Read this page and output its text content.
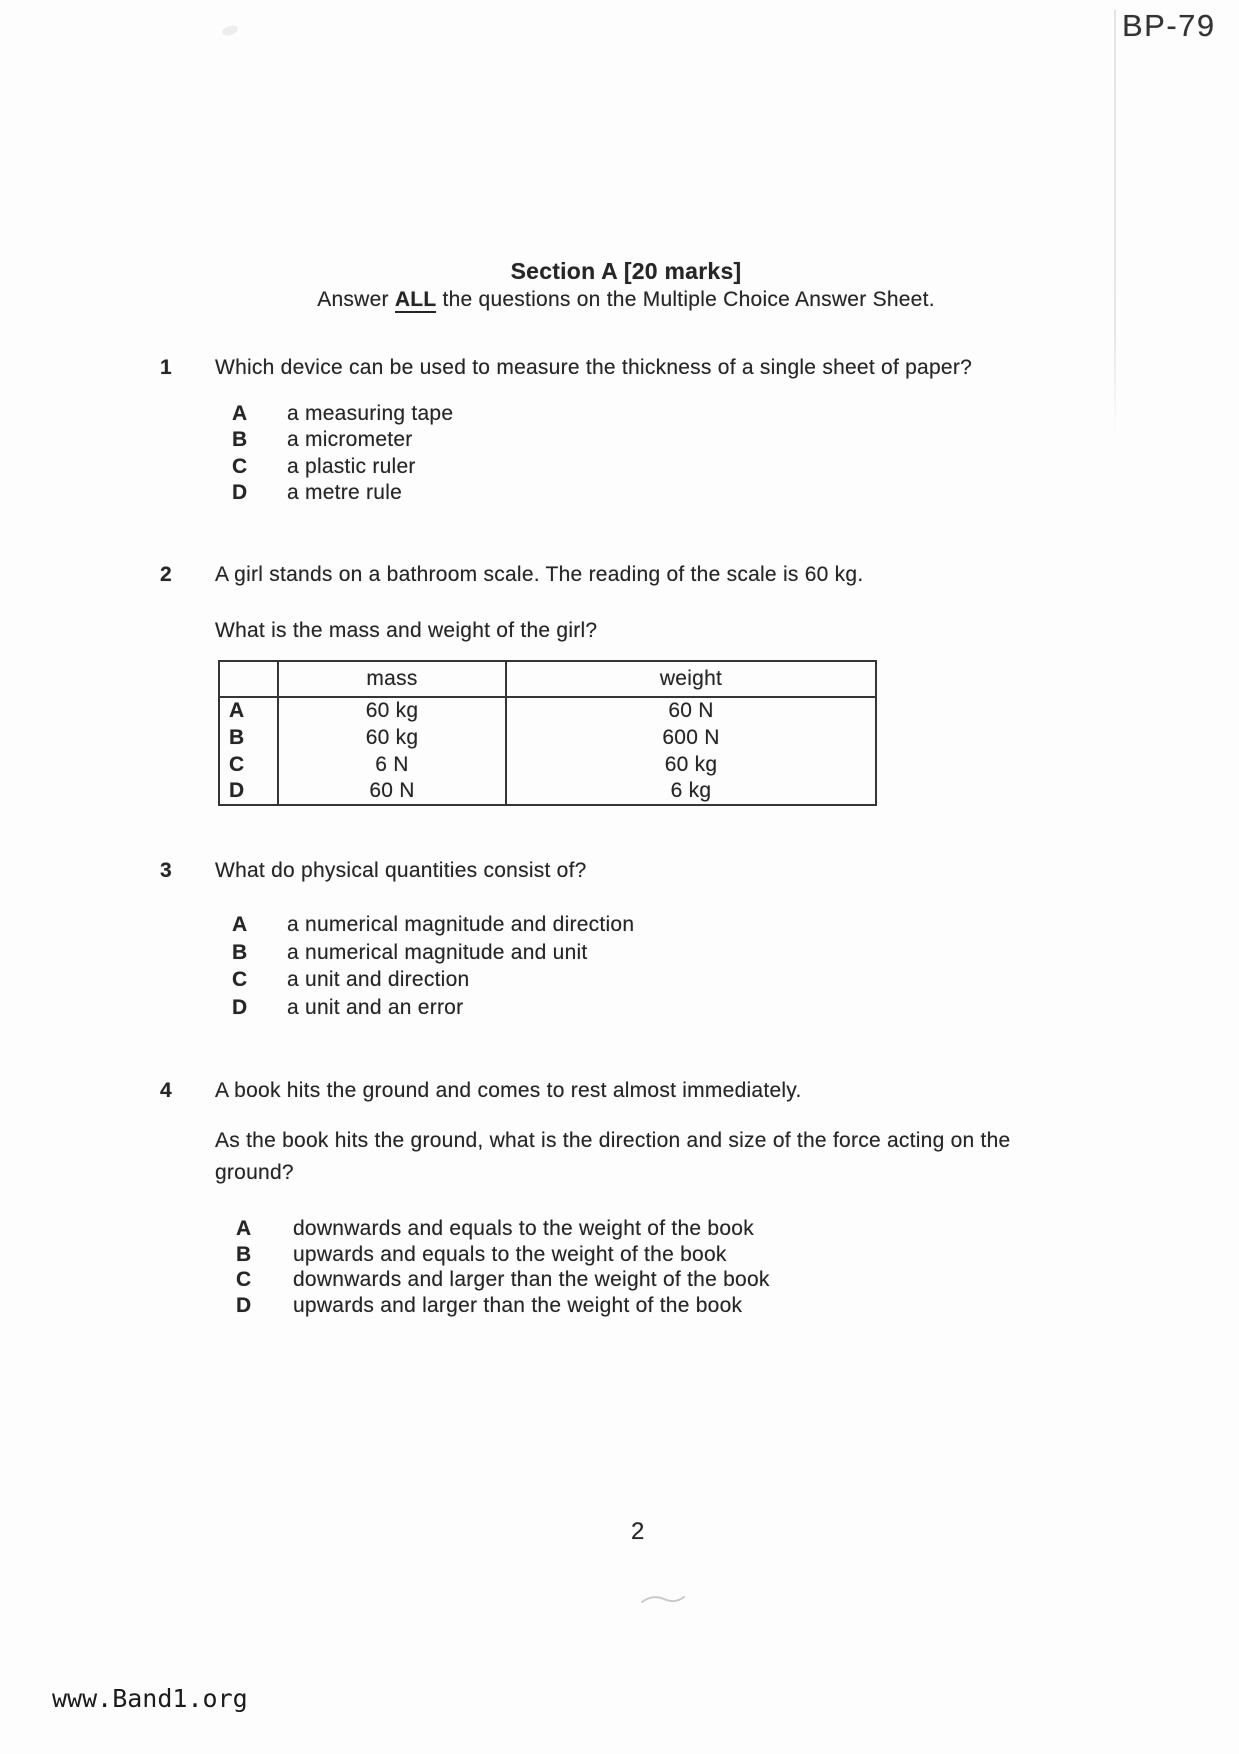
BP-79
Section A [20 marks]
Answer ALL the questions on the Multiple Choice Answer Sheet.
1 Which device can be used to measure the thickness of a single sheet of paper?
A a measuring tape
B a micrometer
C a plastic ruler
D a metre rule
2 A girl stands on a bathroom scale. The reading of the scale is 60 kg.
What is the mass and weight of the girl?
	mass	weight
A	60 kg	60 N
B	60 kg	600 N
C	6 N	60 kg
D	60 N	6 kg
3 What do physical quantities consist of?
A a numerical magnitude and direction
B a numerical magnitude and unit
C a unit and direction
D a unit and an error
4 A book hits the ground and comes to rest almost immediately.
As the book hits the ground, what is the direction and size of the force acting on the
ground?
A downwards and equals to the weight of the book
B upwards and equals to the weight of the book
C downwards and larger than the weight of the book
D upwards and larger than the weight of the book
2
www.Band1.org
